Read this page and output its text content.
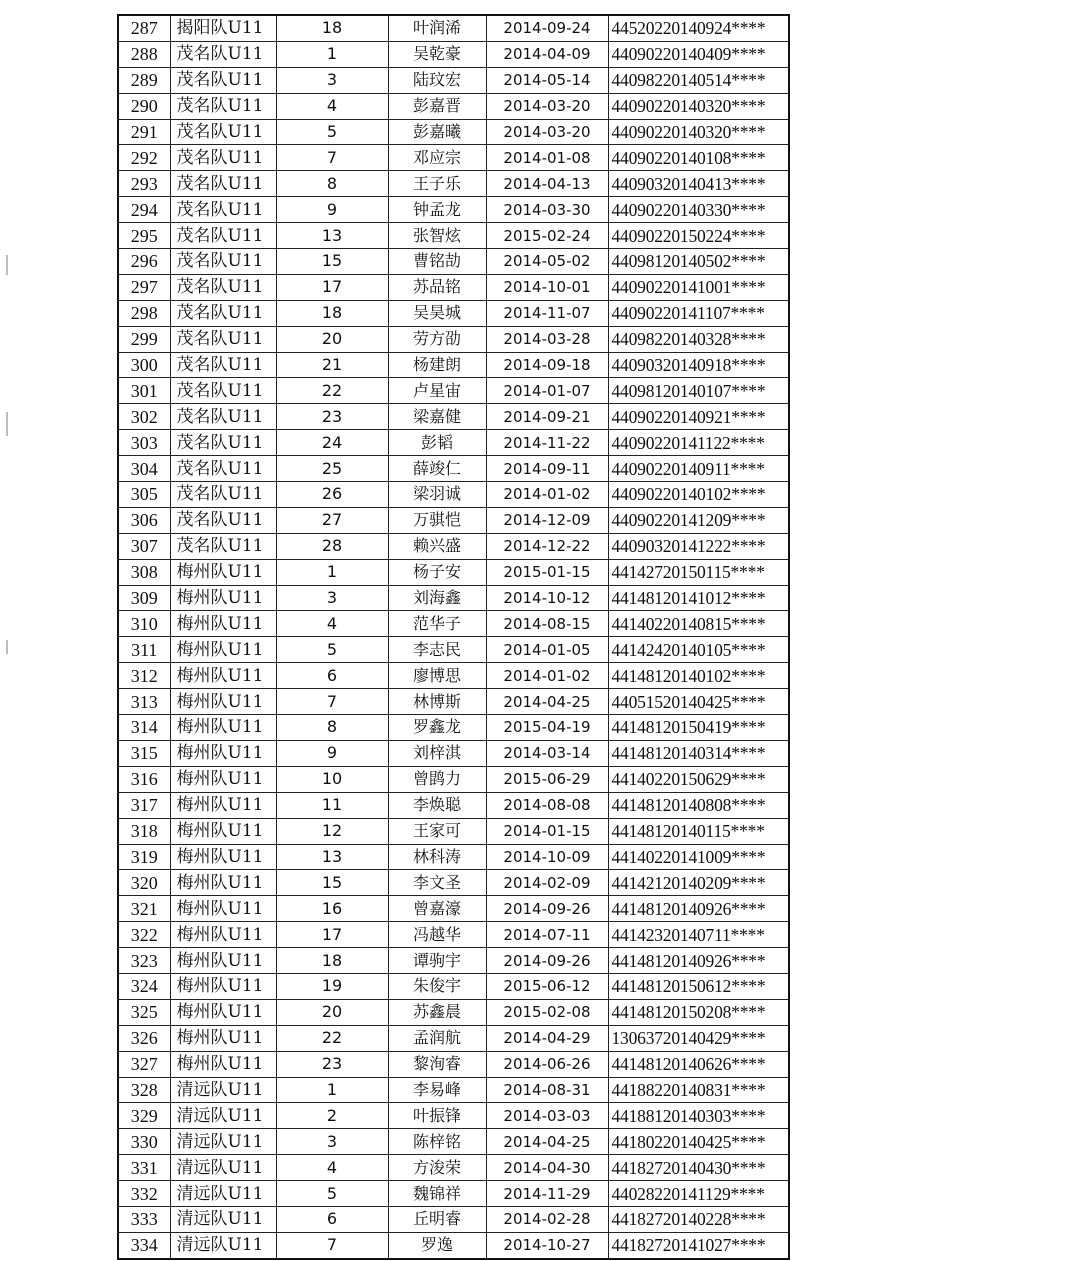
287	揭阳队U11	18	叶润浠	2014-09-24	44520220140924****
288	茂名队U11	1	吴乾豪	2014-04-09	44090220140409****
289	茂名队U11	3	陆玟宏	2014-05-14	44098220140514****
290	茂名队U11	4	彭嘉晋	2014-03-20	44090220140320****
291	茂名队U11	5	彭嘉曦	2014-03-20	44090220140320****
292	茂名队U11	7	邓应宗	2014-01-08	44090220140108****
293	茂名队U11	8	王子乐	2014-04-13	44090320140413****
294	茂名队U11	9	钟孟龙	2014-03-30	44090220140330****
295	茂名队U11	13	张智炫	2015-02-24	44090220150224****
296	茂名队U11	15	曹铭劼	2014-05-02	44098120140502****
297	茂名队U11	17	苏品铭	2014-10-01	44090220141001****
298	茂名队U11	18	吴昊城	2014-11-07	44090220141107****
299	茂名队U11	20	劳方劭	2014-03-28	44098220140328****
300	茂名队U11	21	杨建朗	2014-09-18	44090320140918****
301	茂名队U11	22	卢星宙	2014-01-07	44098120140107****
302	茂名队U11	23	梁嘉健	2014-09-21	44090220140921****
303	茂名队U11	24	彭韬	2014-11-22	44090220141122****
304	茂名队U11	25	薛竣仁	2014-09-11	44090220140911****
305	茂名队U11	26	梁羽诚	2014-01-02	44090220140102****
306	茂名队U11	27	万骐恺	2014-12-09	44090220141209****
307	茂名队U11	28	赖兴盛	2014-12-22	44090320141222****
308	梅州队U11	1	杨子安	2015-01-15	44142720150115****
309	梅州队U11	3	刘海鑫	2014-10-12	44148120141012****
310	梅州队U11	4	范华子	2014-08-15	44140220140815****
311	梅州队U11	5	李志民	2014-01-05	44142420140105****
312	梅州队U11	6	廖博思	2014-01-02	44148120140102****
313	梅州队U11	7	林博斯	2014-04-25	44051520140425****
314	梅州队U11	8	罗鑫龙	2015-04-19	44148120150419****
315	梅州队U11	9	刘梓淇	2014-03-14	44148120140314****
316	梅州队U11	10	曾鹍力	2015-06-29	44140220150629****
317	梅州队U11	11	李焕聪	2014-08-08	44148120140808****
318	梅州队U11	12	王家可	2014-01-15	44148120140115****
319	梅州队U11	13	林科涛	2014-10-09	44140220141009****
320	梅州队U11	15	李文圣	2014-02-09	44142120140209****
321	梅州队U11	16	曾嘉濠	2014-09-26	44148120140926****
322	梅州队U11	17	冯越华	2014-07-11	44142320140711****
323	梅州队U11	18	谭驹宇	2014-09-26	44148120140926****
324	梅州队U11	19	朱俊宇	2015-06-12	44148120150612****
325	梅州队U11	20	苏鑫晨	2015-02-08	44148120150208****
326	梅州队U11	22	孟润航	2014-04-29	13063720140429****
327	梅州队U11	23	黎洵睿	2014-06-26	44148120140626****
328	清远队U11	1	李易峰	2014-08-31	44188220140831****
329	清远队U11	2	叶振锋	2014-03-03	44188120140303****
330	清远队U11	3	陈梓铭	2014-04-25	44180220140425****
331	清远队U11	4	方浚荣	2014-04-30	44182720140430****
332	清远队U11	5	魏锦祥	2014-11-29	44028220141129****
333	清远队U11	6	丘明睿	2014-02-28	44182720140228****
334	清远队U11	7	罗逸	2014-10-27	44182720141027****
